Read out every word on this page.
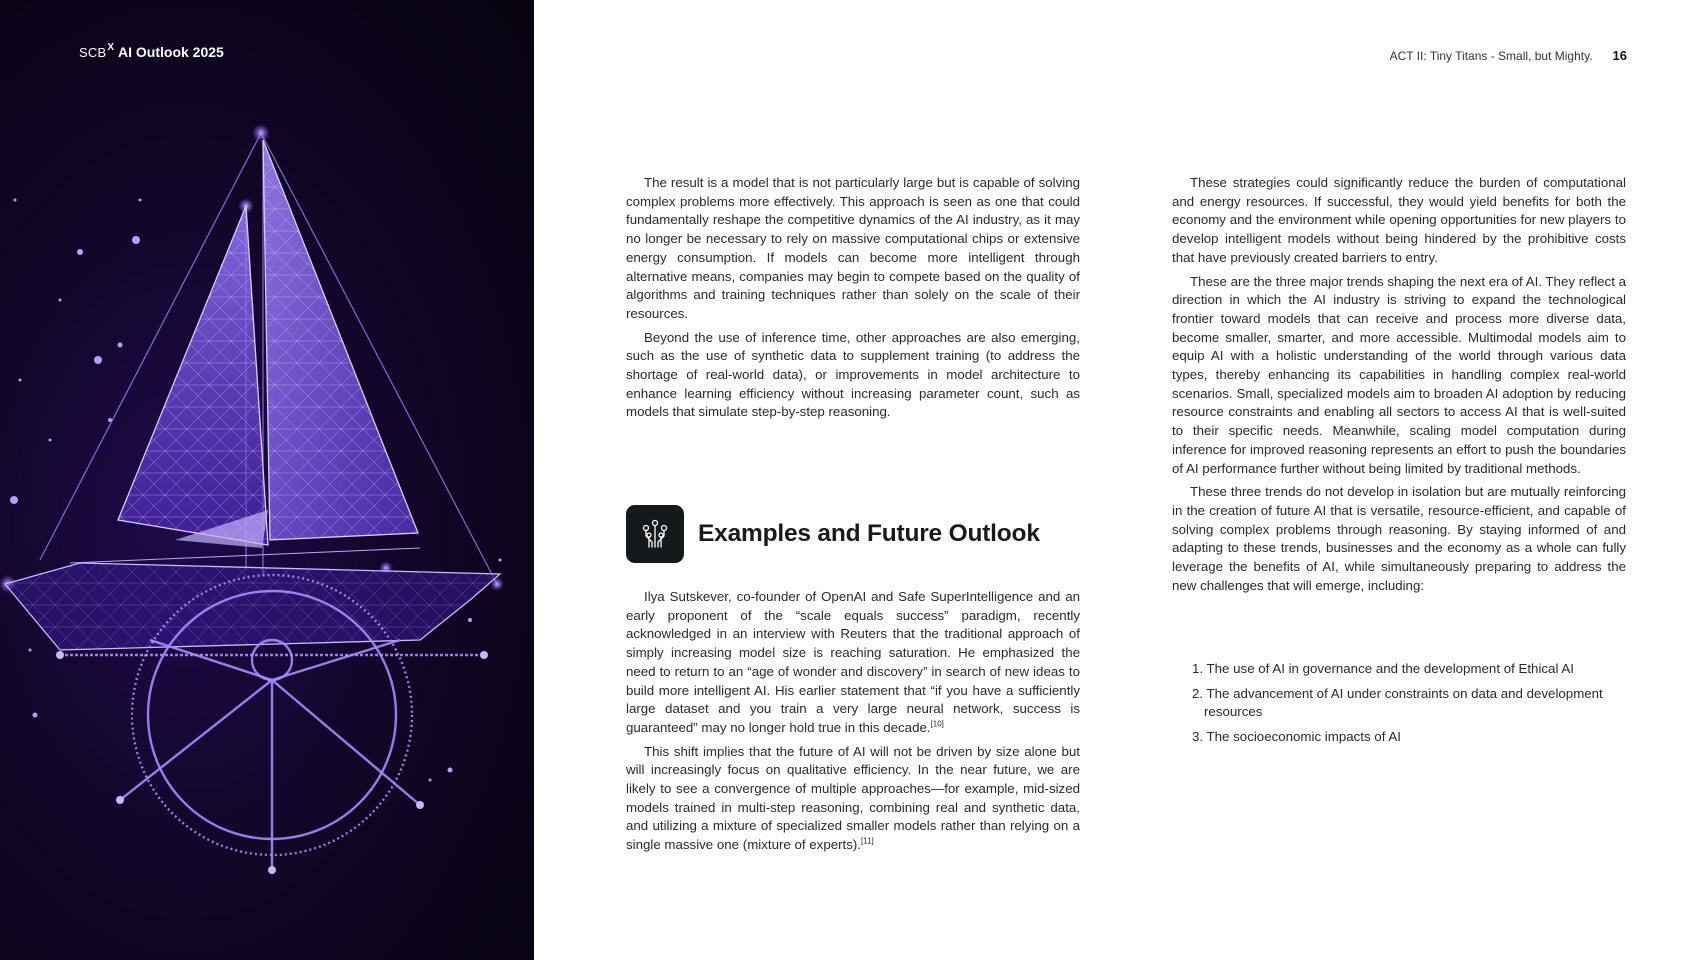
$SCB^X$ AI Outlook 2025	ACT II: Tiny Titans - Small, but Mighty. 16

The result is a model that is not particularly large but is capable of solving complex problems more effectively. This approach is seen as one that could fundamentally reshape the competitive dynamics of the AI industry, as it may no longer be necessary to rely on massive computational chips or extensive energy consumption. If models can become more intelligent through alternative means, companies may begin to compete based on the quality of algorithms and training techniques rather than solely on the scale of their resources.

Beyond the use of inference time, other approaches are also emerging, such as the use of synthetic data to supplement training (to address the shortage of real-world data), or improvements in model architecture to enhance learning efficiency without increasing parameter count, such as models that simulate step-by-step reasoning.

Examples and Future Outlook

Ilya Sutskever, co-founder of OpenAI and Safe SuperIntelligence and an early proponent of the “scale equals success” paradigm, recently acknowledged in an interview with Reuters that the traditional approach of simply increasing model size is reaching saturation. He emphasized the need to return to an “age of wonder and discovery” in search of new ideas to build more intelligent AI. His earlier statement that “if you have a sufficiently large dataset and you train a very large neural network, success is guaranteed” may no longer hold true in this decade.[10]

This shift implies that the future of AI will not be driven by size alone but will increasingly focus on qualitative efficiency. In the near future, we are likely to see a convergence of multiple approaches—for example, mid-sized models trained in multi-step reasoning, combining real and synthetic data, and utilizing a mixture of specialized smaller models rather than relying on a single massive one (mixture of experts).[11]

These strategies could significantly reduce the burden of computational and energy resources. If successful, they would yield benefits for both the economy and the environment while opening opportunities for new players to develop intelligent models without being hindered by the prohibitive costs that have previously created barriers to entry.

These are the three major trends shaping the next era of AI. They reflect a direction in which the AI industry is striving to expand the technological frontier toward models that can receive and process more diverse data, become smaller, smarter, and more accessible. Multimodal models aim to equip AI with a holistic understanding of the world through various data types, thereby enhancing its capabilities in handling complex real-world scenarios. Small, specialized models aim to broaden AI adoption by reducing resource constraints and enabling all sectors to access AI that is well-suited to their specific needs. Meanwhile, scaling model computation during inference for improved reasoning represents an effort to push the boundaries of AI performance further without being limited by traditional methods.

These three trends do not develop in isolation but are mutually reinforcing in the creation of future AI that is versatile, resource-efficient, and capable of solving complex problems through reasoning. By staying informed of and adapting to these trends, businesses and the economy as a whole can fully leverage the benefits of AI, while simultaneously preparing to address the new challenges that will emerge, including:

1. The use of AI in governance and the development of Ethical AI
2. The advancement of AI under constraints on data and development resources
3. The socioeconomic impacts of AI
